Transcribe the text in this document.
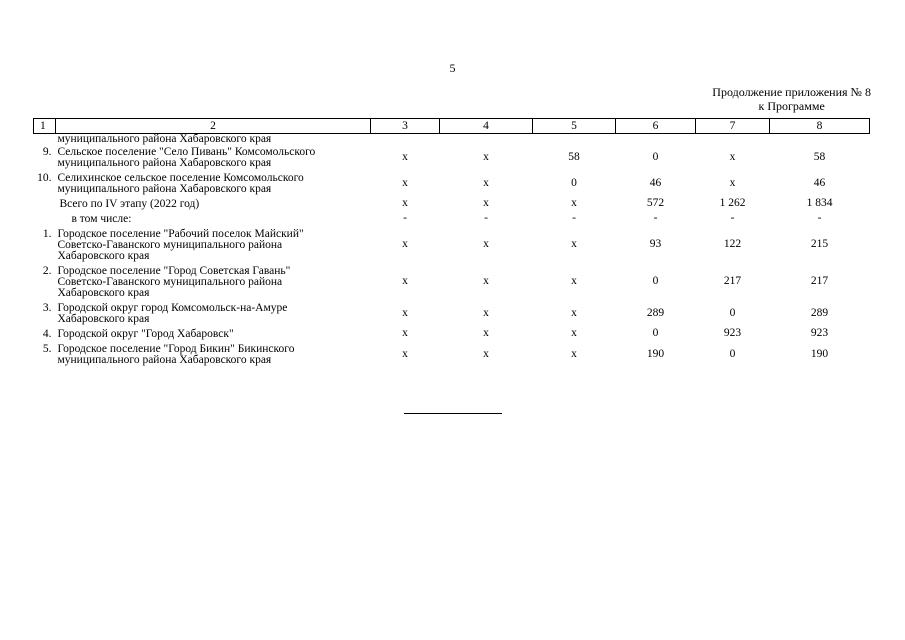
5
Продолжение приложения № 8
к Программе
1	2	3	4	5	6	7	8
	муниципального района Хабаровского края						
9.	Сельское поселение "Село Пивань" Комсомольского
муниципального района Хабаровского края	х	х	58	0	х	58
10.	Селихинское сельское поселение Комсомольского
муниципального района Хабаровского края	х	х	0	46	х	46

	Всего по IV этапу (2022 год)	х	х	х	572	1 262	1 834

	в том числе:	-	-	-	-	-	-
1.	Городское поселение "Рабочий поселок Майский"
Советско-Гаванского муниципального района
Хабаровского края	х	х	х	93	122	215
2.	Городское поселение "Город Советская Гавань"
Советско-Гаванского муниципального района
Хабаровского края	х	х	х	0	217	217
3.	Городской округ город Комсомольск-на-Амуре
Хабаровского края	х	х	х	289	0	289
4.	Городской округ "Город Хабаровск"	х	х	х	0	923	923
5.	Городское поселение "Город Бикин" Бикинского
муниципального района Хабаровского края	х	х	х	190	0	190
